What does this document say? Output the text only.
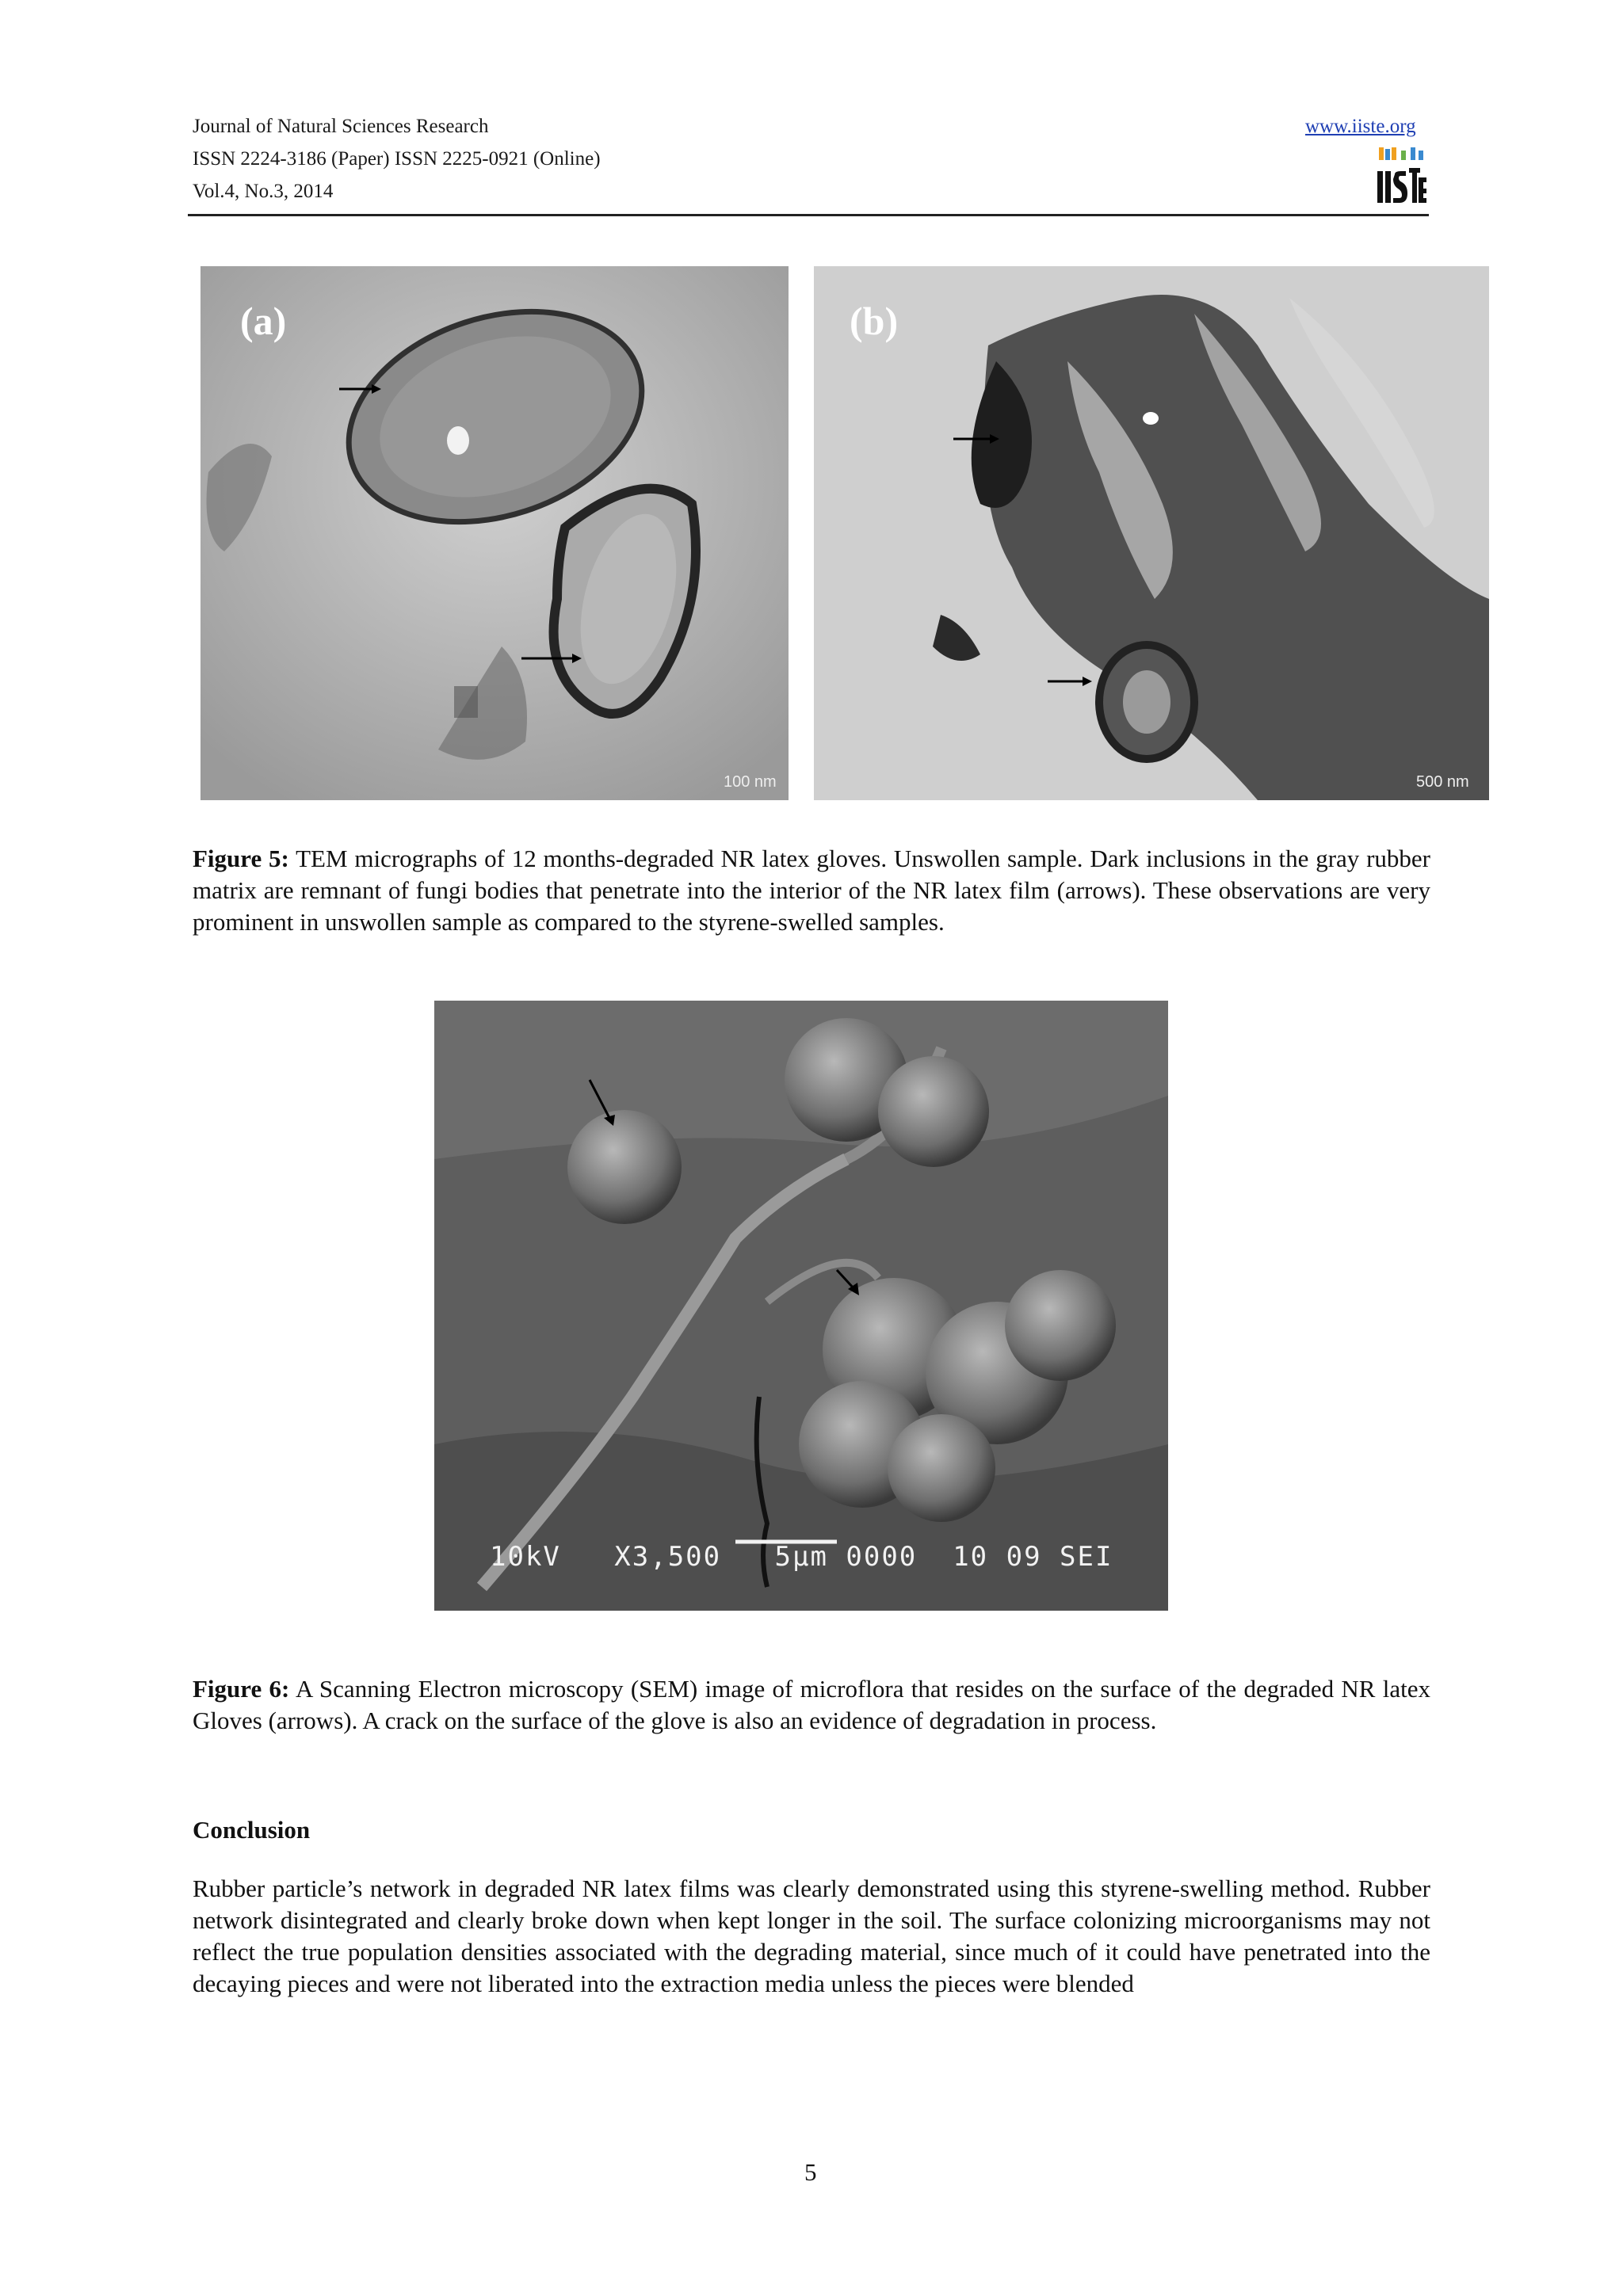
Journal of Natural Sciences Research
ISSN 2224-3186 (Paper) ISSN 2225-0921 (Online)
Vol.4, No.3, 2014
www.iiste.org
(a)
100 nm
(b)
500 nm
Figure 5: TEM micrographs of 12 months-degraded NR latex gloves. Unswollen sample. Dark inclusions in the gray rubber matrix are remnant of fungi bodies that penetrate into the interior of the NR latex film (arrows). These observations are very prominent in unswollen sample as compared to the styrene-swelled samples.
10kV   X3,500   5µm 0000  10 09 SEI
Figure 6: A Scanning Electron microscopy (SEM) image of microflora that resides on the surface of the degraded NR latex Gloves (arrows). A crack on the surface of the glove is also an evidence of degradation in process.
Conclusion
Rubber particle’s network in degraded NR latex films was clearly demonstrated using this styrene-swelling method. Rubber network disintegrated and clearly broke down when kept longer in the soil. The surface colonizing microorganisms may not reflect the true population densities associated with the degrading material, since much of it could have penetrated into the decaying pieces and were not liberated into the extraction media unless the pieces were blended
5
